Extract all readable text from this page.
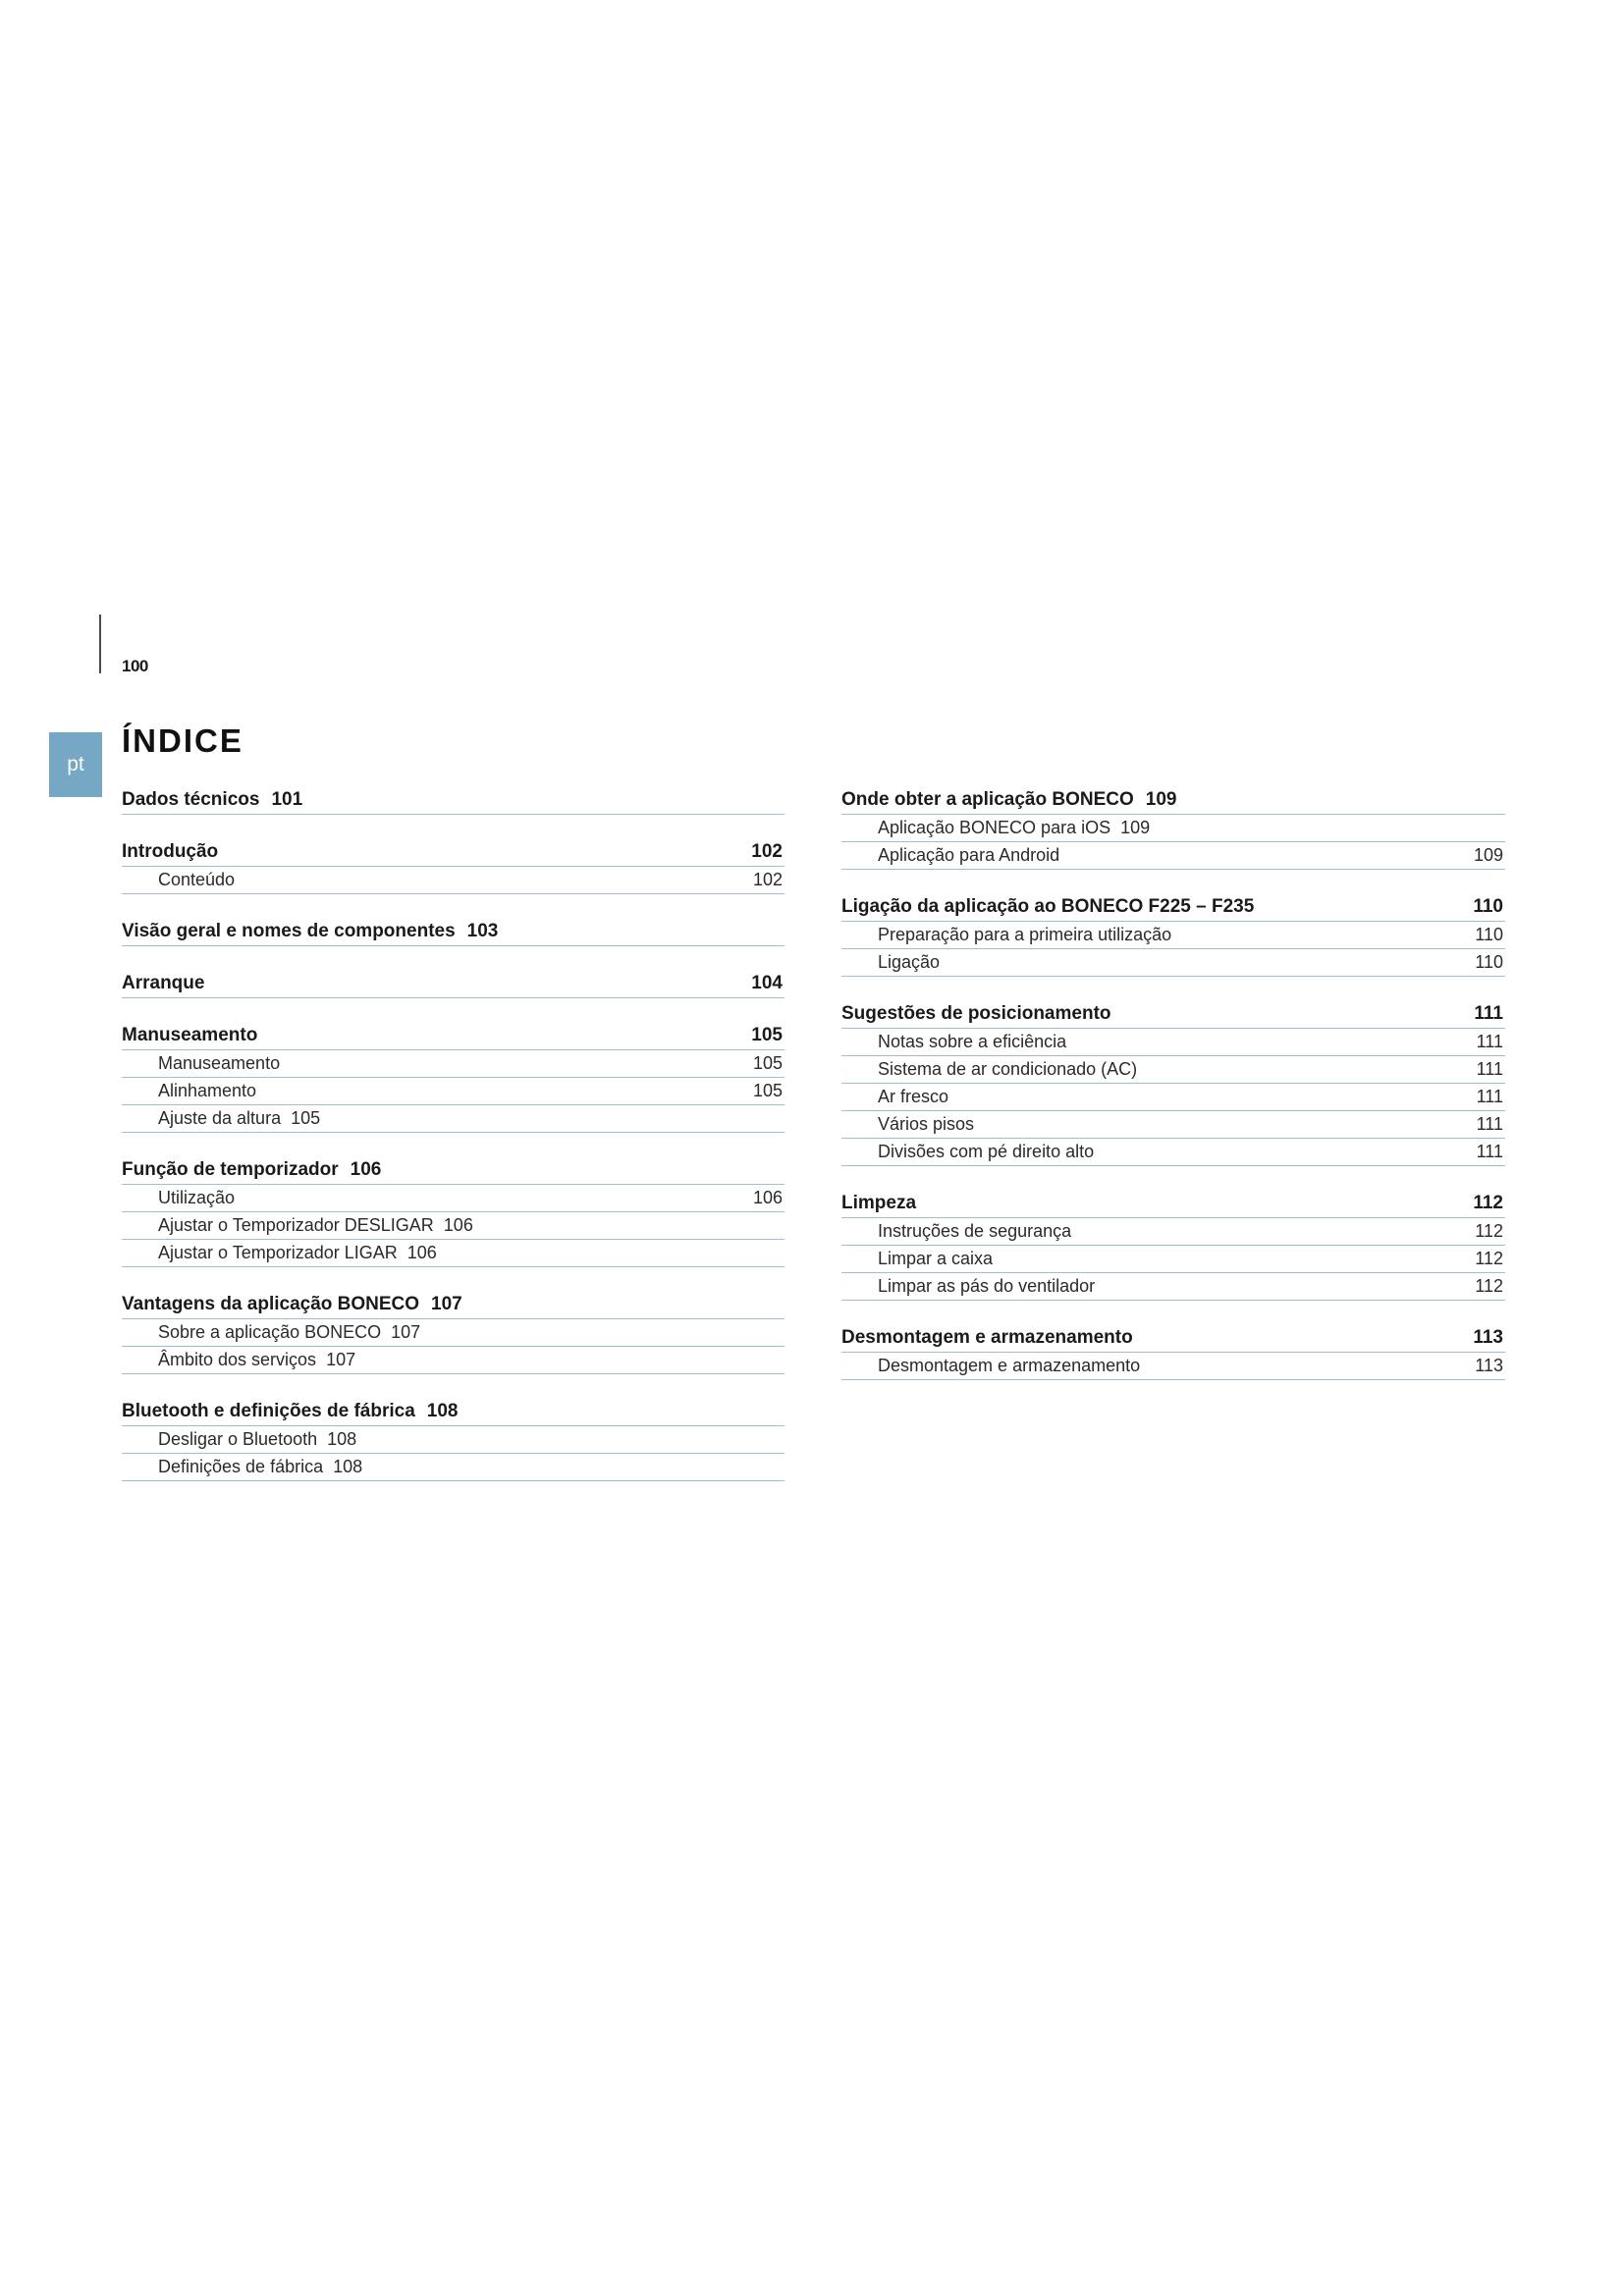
100
pt
ÍNDICE
Dados técnicos 101
Introdução	102
Conteúdo	102
Visão geral e nomes de componentes 103
Arranque	104
Manuseamento	105
Manuseamento	105
Alinhamento	105
Ajuste da altura 105
Função de temporizador 106
Utilização	106
Ajustar o Temporizador DESLIGAR 106
Ajustar o Temporizador LIGAR 106
Vantagens da aplicação BONECO 107
Sobre a aplicação BONECO 107
Âmbito dos serviços 107
Bluetooth e definições de fábrica 108
Desligar o Bluetooth 108
Definições de fábrica 108
Onde obter a aplicação BONECO 109
Aplicação BONECO para iOS 109
Aplicação para Android	109
Ligação da aplicação ao BONECO F225 – F235	110
Preparação para a primeira utilização	110
Ligação	110
Sugestões de posicionamento	111
Notas sobre a eficiência	111
Sistema de ar condicionado (AC)	111
Ar fresco	111
Vários pisos	111
Divisões com pé direito alto	111
Limpeza	112
Instruções de segurança	112
Limpar a caixa	112
Limpar as pás do ventilador	112
Desmontagem e armazenamento	113
Desmontagem e armazenamento	113
